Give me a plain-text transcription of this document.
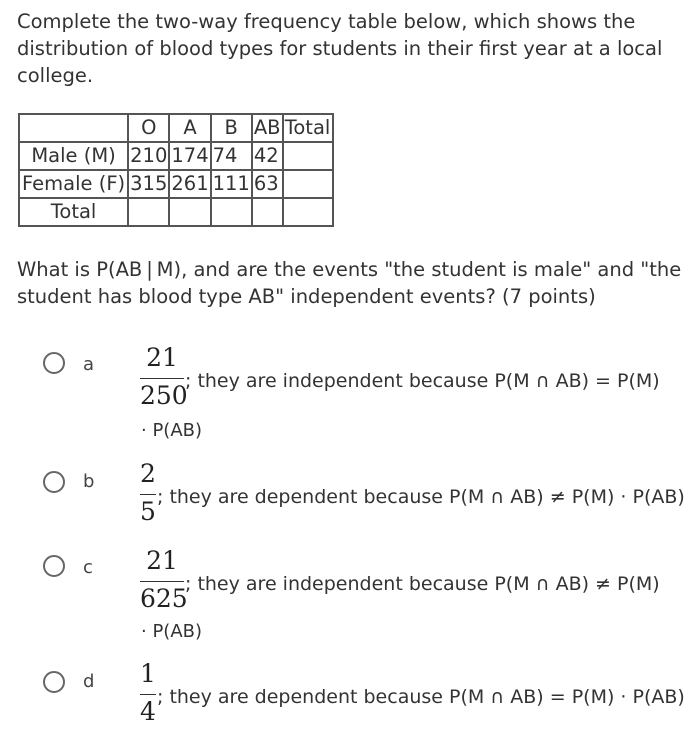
Complete the two-way frequency table below, which shows the distribution of blood types for students in their first year at a local college.

	O	A	B	AB	Total
Male (M)	210	174	74	42	
Female (F)	315	261	111	63	
Total					

What is P(AB | M), and are the events "the student is male" and "the student has blood type AB" independent events? (7 points)

a 21
250
; they are independent because P(M ∩ AB) = P(M)
· P(AB)
b 2
5 ; they are dependent because P(M ∩ AB) ≠ P(M) · P(AB)
c 21
625
; they are independent because P(M ∩ AB) ≠ P(M)
· P(AB)
d 1
4 ; they are dependent because P(M ∩ AB) = P(M) · P(AB)
